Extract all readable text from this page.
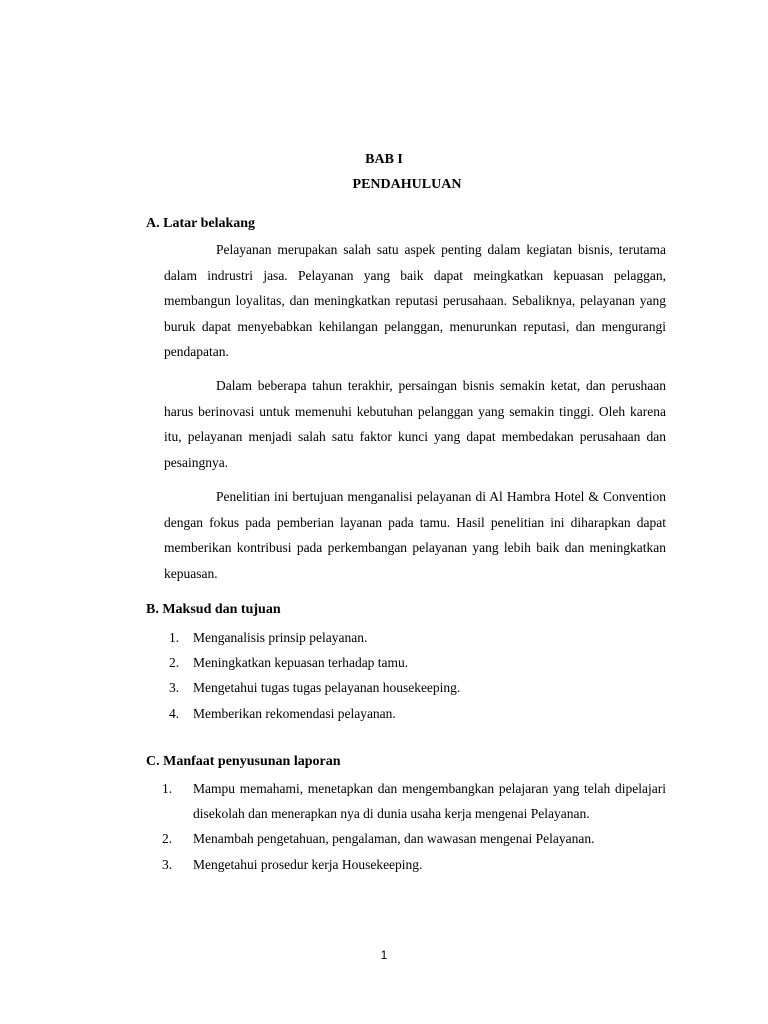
BAB I
PENDAHULUAN
A. Latar belakang

Pelayanan merupakan salah satu aspek penting dalam kegiatan bisnis, terutama dalam indrustri jasa. Pelayanan yang baik dapat meingkatkan kepuasan pelaggan, membangun loyalitas, dan meningkatkan reputasi perusahaan. Sebaliknya, pelayanan yang buruk dapat menyebabkan kehilangan pelanggan, menurunkan reputasi, dan mengurangi pendapatan.

Dalam beberapa tahun terakhir, persaingan bisnis semakin ketat, dan perushaan harus berinovasi untuk memenuhi kebutuhan pelanggan yang semakin tinggi. Oleh karena itu, pelayanan menjadi salah satu faktor kunci yang dapat membedakan perusahaan dan pesaingnya.

Penelitian ini bertujuan menganalisi pelayanan di Al Hambra Hotel & Convention dengan fokus pada pemberian layanan pada tamu. Hasil penelitian ini diharapkan dapat memberikan kontribusi pada perkembangan pelayanan yang lebih baik dan meningkatkan kepuasan.

B. Maksud dan tujuan
1.	Menganalisis prinsip pelayanan.
2.	Meningkatkan kepuasan terhadap tamu.
3.	Mengetahui tugas tugas pelayanan housekeeping.
4.	Memberikan rekomendasi pelayanan.
C. Manfaat penyusunan laporan
1.	Mampu memahami, menetapkan dan mengembangkan pelajaran yang telah dipelajari disekolah dan menerapkan nya di dunia usaha kerja mengenai Pelayanan.
2.	Menambah pengetahuan, pengalaman, dan wawasan mengenai Pelayanan.
3.	Mengetahui prosedur kerja Housekeeping.
1
